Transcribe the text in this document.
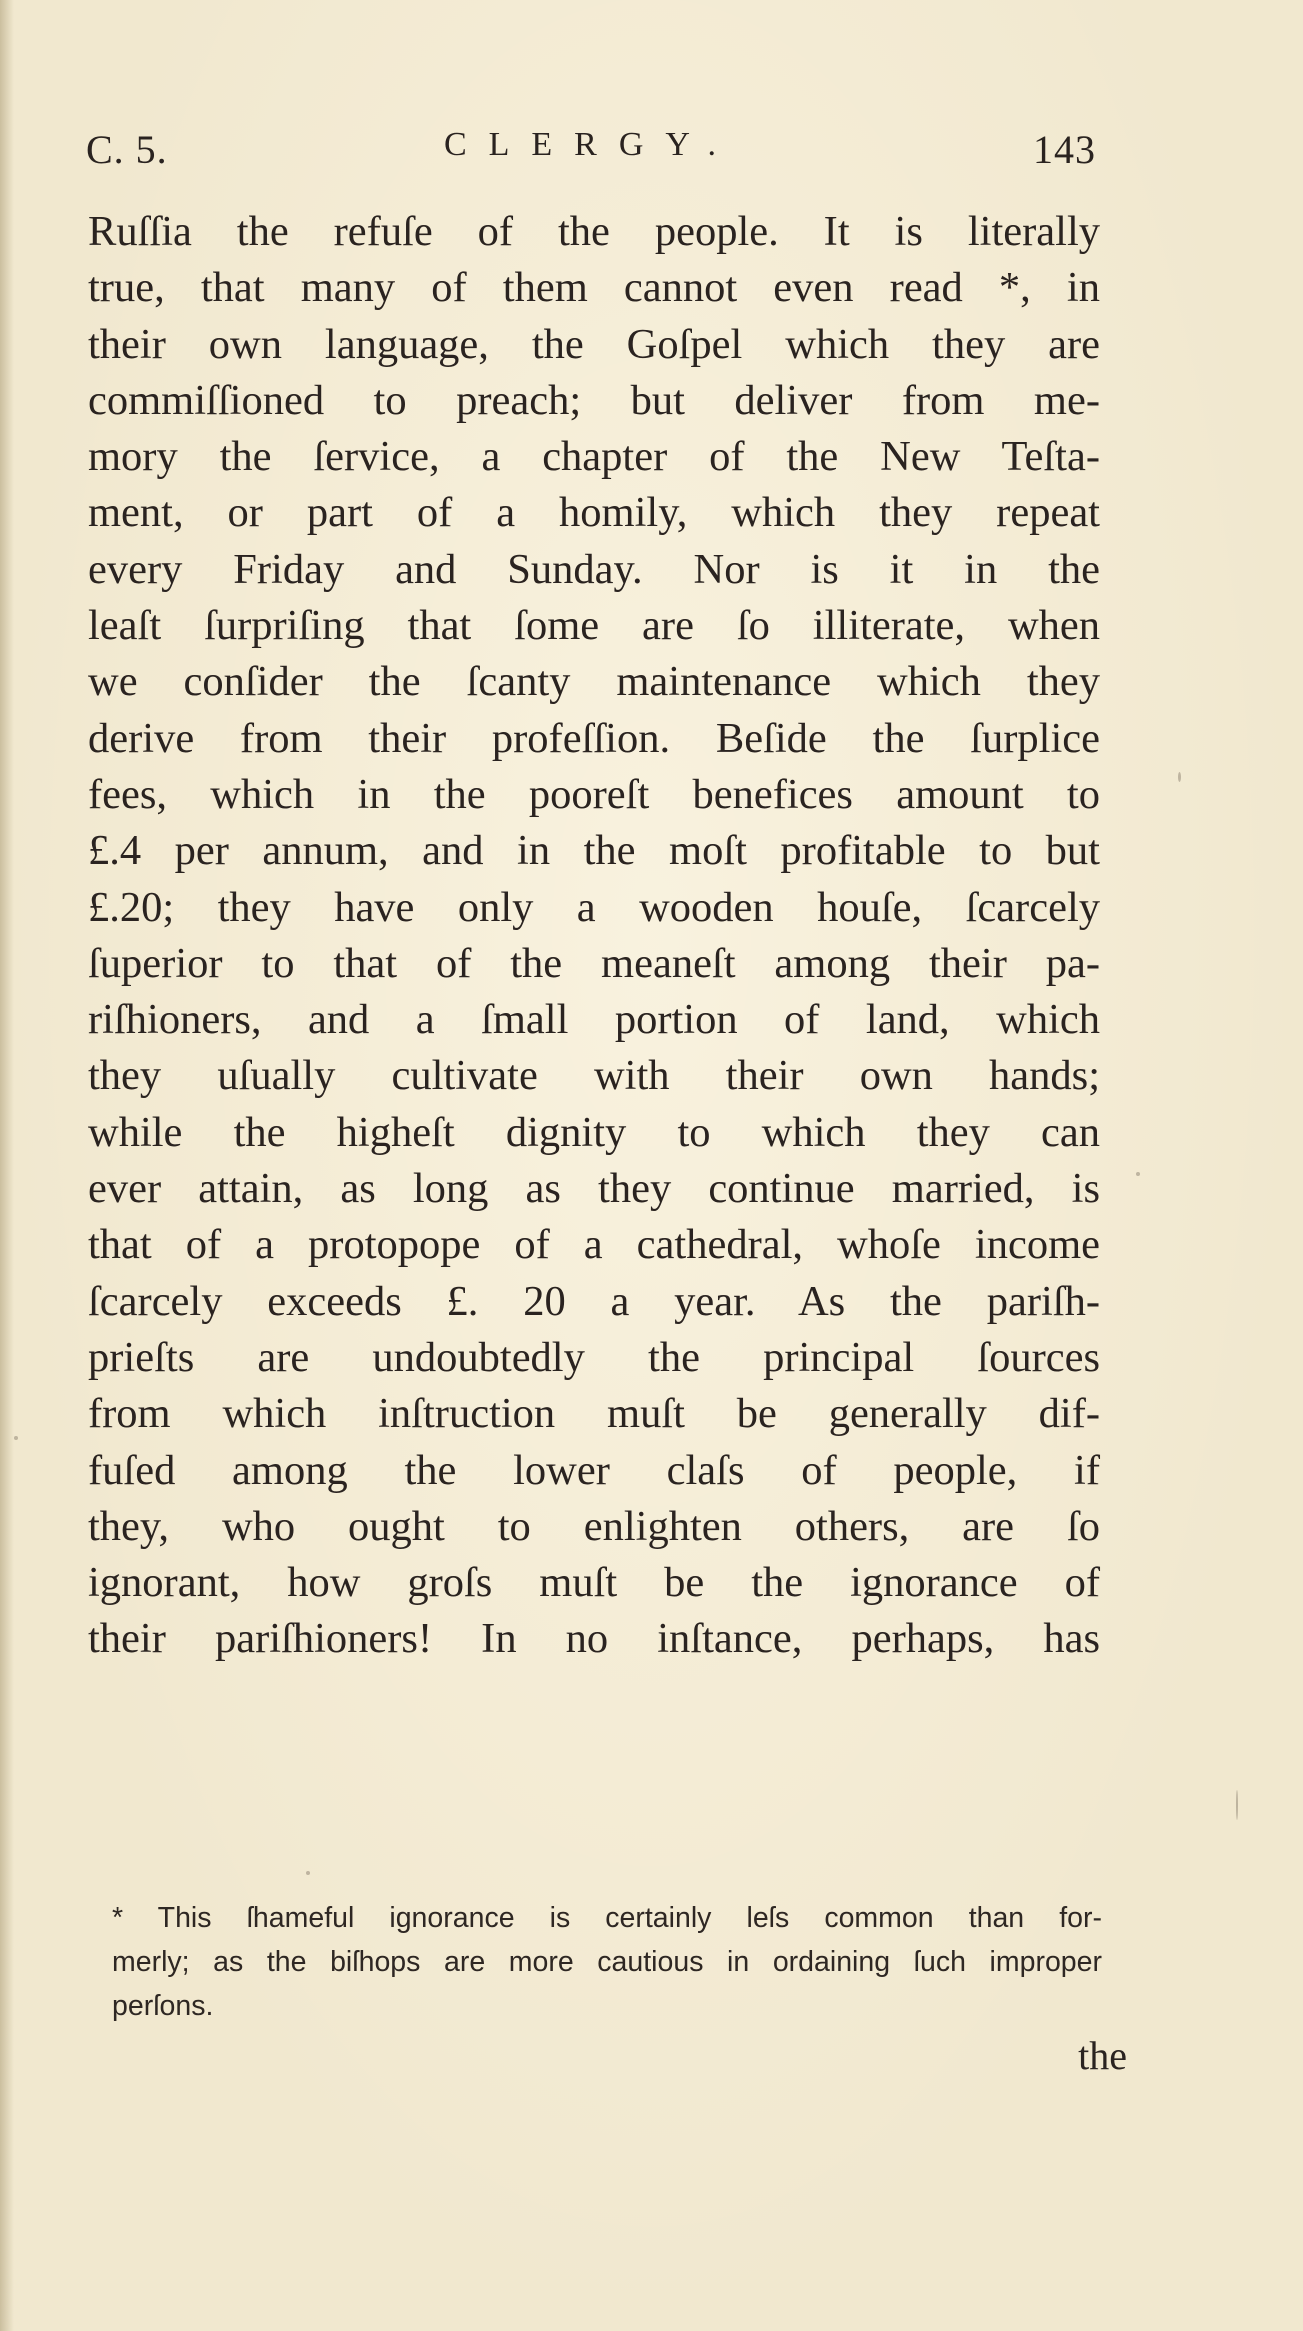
C. 5.	CLERGY.	143
Ruſſia the refuſe of the people. It is literally
true, that many of them cannot even read *, in
their own language, the Goſpel which they are
commiſſioned to preach; but deliver from me-
mory the ſervice, a chapter of the New Teſta-
ment, or part of a homily, which they repeat
every Friday and Sunday. Nor is it in the
leaſt ſurpriſing that ſome are ſo illiterate, when
we conſider the ſcanty maintenance which they
derive from their profeſſion. Beſide the ſurplice
fees, which in the pooreſt benefices amount to
£.4 per annum, and in the moſt profitable to but
£.20; they have only a wooden houſe, ſcarcely
ſuperior to that of the meaneſt among their pa-
riſhioners, and a ſmall portion of land, which
they uſually cultivate with their own hands;
while the higheſt dignity to which they can
ever attain, as long as they continue married, is
that of a protopope of a cathedral, whoſe income
ſcarcely exceeds £. 20 a year. As the pariſh-
prieſts are undoubtedly the principal ſources
from which inſtruction muſt be generally dif-
fuſed among the lower claſs of people, if
they, who ought to enlighten others, are ſo
ignorant, how groſs muſt be the ignorance of
their pariſhioners! In no inſtance, perhaps, has
* This ſhameful ignorance is certainly leſs common than for-
merly; as the biſhops are more cautious in ordaining ſuch improper
perſons.
the
